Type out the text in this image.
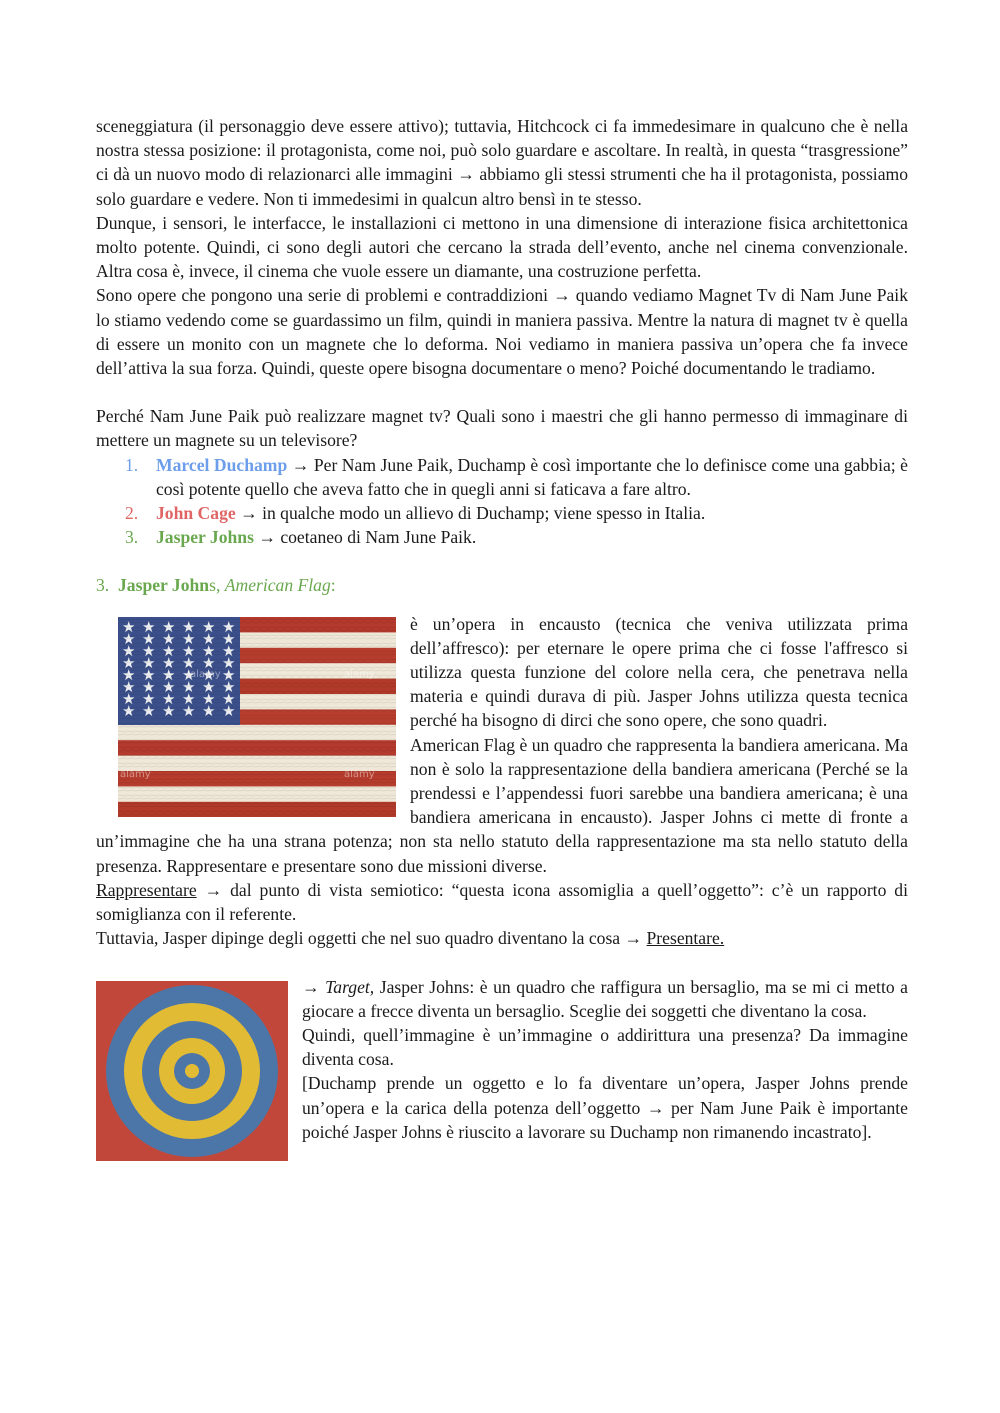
sceneggiatura (il personaggio deve essere attivo); tuttavia, Hitchcock ci fa immedesimare in qualcuno che è nella nostra stessa posizione: il protagonista, come noi, può solo guardare e ascoltare. In realtà, in questa “trasgressione” ci dà un nuovo modo di relazionarci alle immagini → abbiamo gli stessi strumenti che ha il protagonista, possiamo solo guardare e vedere. Non ti immedesimi in qualcun altro bensì in te stesso.

Dunque, i sensori, le interfacce, le installazioni ci mettono in una dimensione di interazione fisica architettonica molto potente. Quindi, ci sono degli autori che cercano la strada dell’evento, anche nel cinema convenzionale. Altra cosa è, invece, il cinema che vuole essere un diamante, una costruzione perfetta.

Sono opere che pongono una serie di problemi e contraddizioni → quando vediamo Magnet Tv di Nam June Paik lo stiamo vedendo come se guardassimo un film, quindi in maniera passiva. Mentre la natura di magnet tv è quella di essere un monito con un magnete che lo deforma. Noi vediamo in maniera passiva un’opera che fa invece dell’attiva la sua forza. Quindi, queste opere bisogna documentare o meno? Poiché documentando le tradiamo.

Perché Nam June Paik può realizzare magnet tv? Quali sono i maestri che gli hanno permesso di immaginare di mettere un magnete su un televisore?

1. Marcel Duchamp → Per Nam June Paik, Duchamp è così importante che lo definisce come una gabbia; è così potente quello che aveva fatto che in quegli anni si faticava a fare altro.
2. John Cage → in qualche modo un allievo di Duchamp; viene spesso in Italia.
3. Jasper Johns → coetaneo di Nam June Paik.

3. Jasper Johns, American Flag:

alamy	alamy
alamy
alamy

è un’opera in encausto (tecnica che veniva utilizzata prima dell’affresco): per eternare le opere prima che ci fosse l'affresco si utilizza questa funzione del colore nella cera, che penetrava nella materia e quindi durava di più. Jasper Johns utilizza questa tecnica perché ha bisogno di dirci che sono opere, che sono quadri.

American Flag è un quadro che rappresenta la bandiera americana. Ma non è solo la rappresentazione della bandiera americana (Perché se la prendessi e l’appendessi fuori sarebbe una bandiera americana; è una bandiera americana in encausto). Jasper Johns ci mette di fronte a un’immagine che ha una strana potenza; non sta nello statuto della rappresentazione ma sta nello statuto della presenza. Rappresentare e presentare sono due missioni diverse.

Rappresentare → dal punto di vista semiotico: “questa icona assomiglia a quell’oggetto”: c’è un rapporto di somiglianza con il referente.

Tuttavia, Jasper dipinge degli oggetti che nel suo quadro diventano la cosa → Presentare.

→ Target, Jasper Johns: è un quadro che raffigura un bersaglio, ma se mi ci metto a giocare a frecce diventa un bersaglio. Sceglie dei soggetti che diventano la cosa.

Quindi, quell’immagine è un’immagine o addirittura una presenza? Da immagine diventa cosa.

[Duchamp prende un oggetto e lo fa diventare un’opera, Jasper Johns prende un’opera e la carica della potenza dell’oggetto → per Nam June Paik è importante poiché Jasper Johns è riuscito a lavorare su Duchamp non rimanendo incastrato].
